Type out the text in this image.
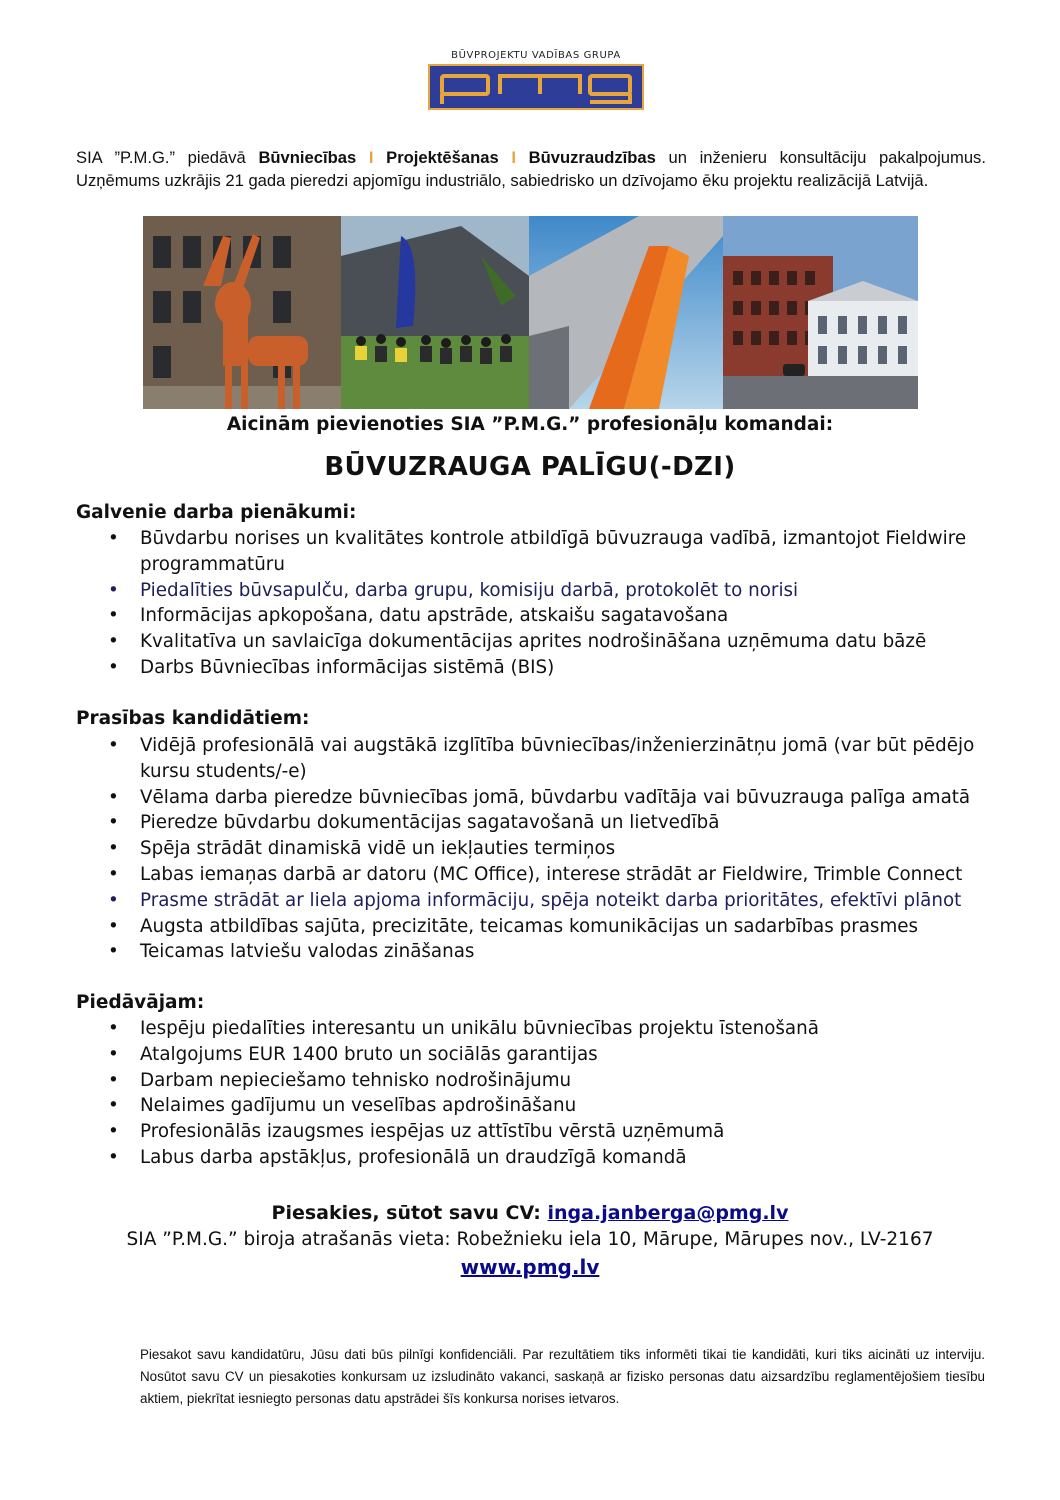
BŪVPROJEKTU VADĪBAS GRUPA
SIA ”P.M.G.” piedāvā Būvniecības I Projektēšanas I Būvuzraudzības un inženieru konsultāciju pakalpojumus. Uzņēmums uzkrājis 21 gada pieredzi apjomīgu industriālo, sabiedrisko un dzīvojamo ēku projektu realizācijā Latvijā.
Aicinām pievienoties SIA ”P.M.G.” profesionāļu komandai:
BŪVUZRAUGA PALĪGU(-DZI)
Galvenie darba pienākumi:
• Būvdarbu norises un kvalitātes kontrole atbildīgā būvuzrauga vadībā, izmantojot Fieldwire programmatūru
• Piedalīties būvsapulču, darba grupu, komisiju darbā, protokolēt to norisi
• Informācijas apkopošana, datu apstrāde, atskaišu sagatavošana
• Kvalitatīva un savlaicīga dokumentācijas aprites nodrošināšana uzņēmuma datu bāzē
• Darbs Būvniecības informācijas sistēmā (BIS)
Prasības kandidātiem:
• Vidējā profesionālā vai augstākā izglītība būvniecības/inženierzinātņu jomā (var būt pēdējo kursu students/-e)
• Vēlama darba pieredze būvniecības jomā, būvdarbu vadītāja vai būvuzrauga palīga amatā
• Pieredze būvdarbu dokumentācijas sagatavošanā un lietvedībā
• Spēja strādāt dinamiskā vidē un iekļauties termiņos
• Labas iemaņas darbā ar datoru (MC Office), interese strādāt ar Fieldwire, Trimble Connect
• Prasme strādāt ar liela apjoma informāciju, spēja noteikt darba prioritātes, efektīvi plānot
• Augsta atbildības sajūta, precizitāte, teicamas komunikācijas un sadarbības prasmes
• Teicamas latviešu valodas zināšanas
Piedāvājam:
• Iespēju piedalīties interesantu un unikālu būvniecības projektu īstenošanā
• Atalgojums EUR 1400 bruto un sociālās garantijas
• Darbam nepieciešamo tehnisko nodrošinājumu
• Nelaimes gadījumu un veselības apdrošināšanu
• Profesionālās izaugsmes iespējas uz attīstību vērstā uzņēmumā
• Labus darba apstākļus, profesionālā un draudzīgā komandā
Piesakies, sūtot savu CV: inga.janberga@pmg.lv
SIA ”P.M.G.” biroja atrašanās vieta: Robežnieku iela 10, Mārupe, Mārupes nov., LV-2167
www.pmg.lv
Piesakot savu kandidatūru, Jūsu dati būs pilnīgi konfidenciāli. Par rezultātiem tiks informēti tikai tie kandidāti, kuri tiks aicināti uz interviju. Nosūtot savu CV un piesakoties konkursam uz izsludināto vakanci, saskaņā ar fizisko personas datu aizsardzību reglamentējošiem tiesību aktiem, piekrītat iesniegto personas datu apstrādei šīs konkursa norises ietvaros.
